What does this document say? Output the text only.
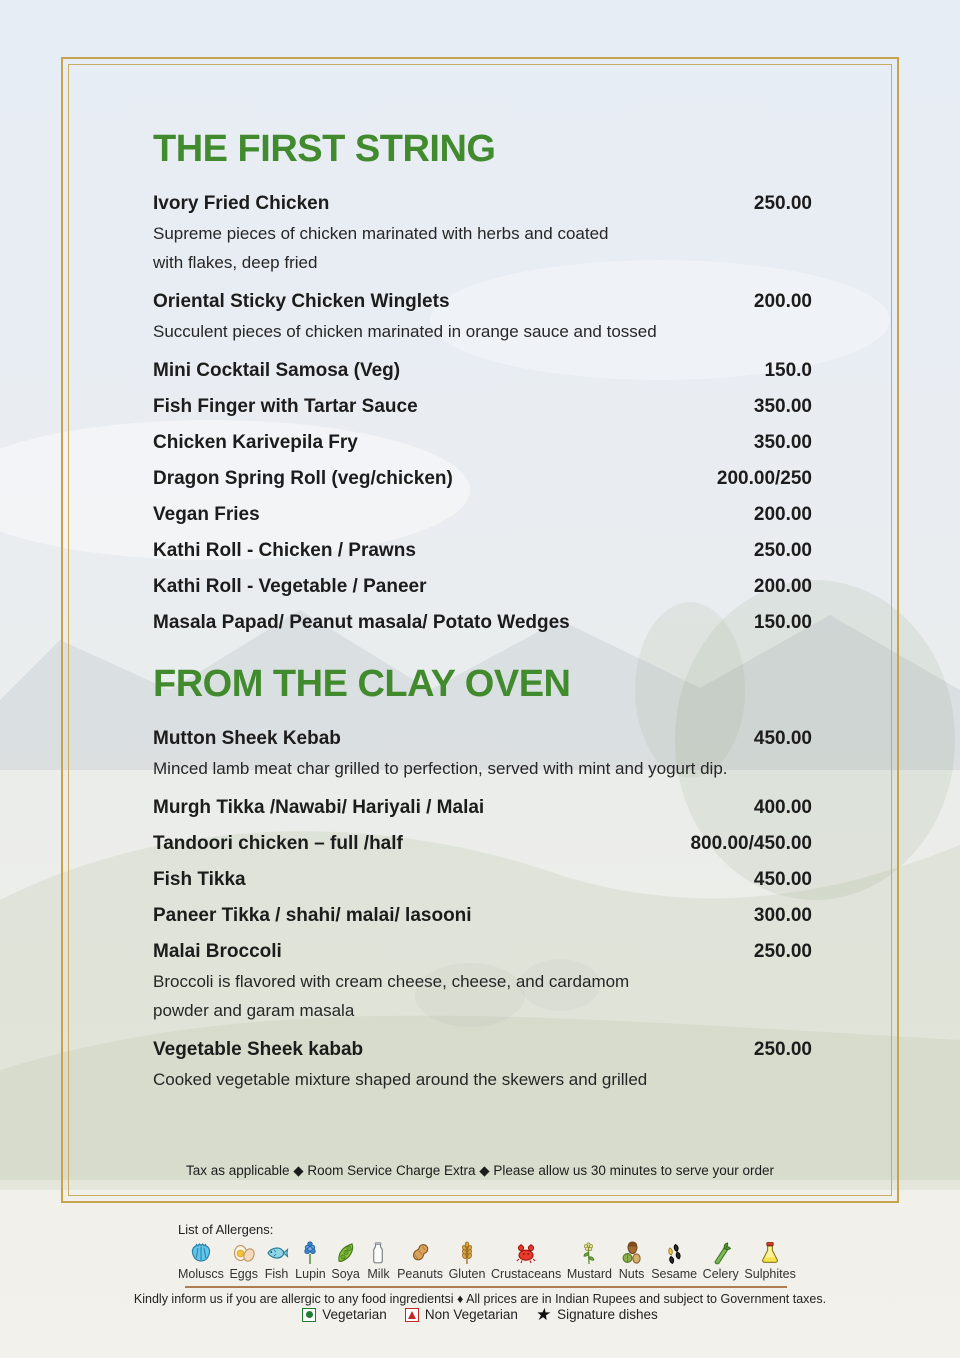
THE FIRST STRING
Ivory Fried Chicken	250.00
Supreme pieces of chicken marinated with herbs and coated
with flakes, deep fried
Oriental Sticky Chicken Winglets	200.00
Succulent pieces of chicken marinated in orange sauce and tossed
Mini Cocktail Samosa (Veg)	150.0
Fish Finger with Tartar Sauce	350.00
Chicken Karivepila Fry	350.00
Dragon Spring Roll (veg/chicken)	200.00/250
Vegan Fries	200.00
Kathi Roll - Chicken / Prawns	250.00
Kathi Roll - Vegetable / Paneer	200.00
Masala Papad/ Peanut masala/ Potato Wedges	150.00
FROM THE CLAY OVEN
Mutton Sheek Kebab	450.00
Minced lamb meat char grilled to perfection, served with mint and yogurt dip.
Murgh Tikka /Nawabi/ Hariyali / Malai	400.00
Tandoori chicken – full /half	800.00/450.00
Fish Tikka	450.00
Paneer Tikka / shahi/ malai/ lasooni	300.00
Malai Broccoli	250.00
Broccoli is flavored with cream cheese, cheese, and cardamom
powder and garam masala
Vegetable Sheek kabab	250.00
Cooked vegetable mixture shaped around the skewers and grilled
Tax as applicable ◆ Room Service Charge Extra ◆ Please allow us 30 minutes to serve your order
List of Allergens:
Moluscs Eggs Fish Lupin Soya Milk Peanuts Gluten Crustaceans Mustard Nuts Sesame Celery Sulphites
Kindly inform us if you are allergic to any food ingredientsi ♦ All prices are in Indian Rupees and subject to Government taxes.
Vegetarian	Non Vegetarian ★ Signature dishes
